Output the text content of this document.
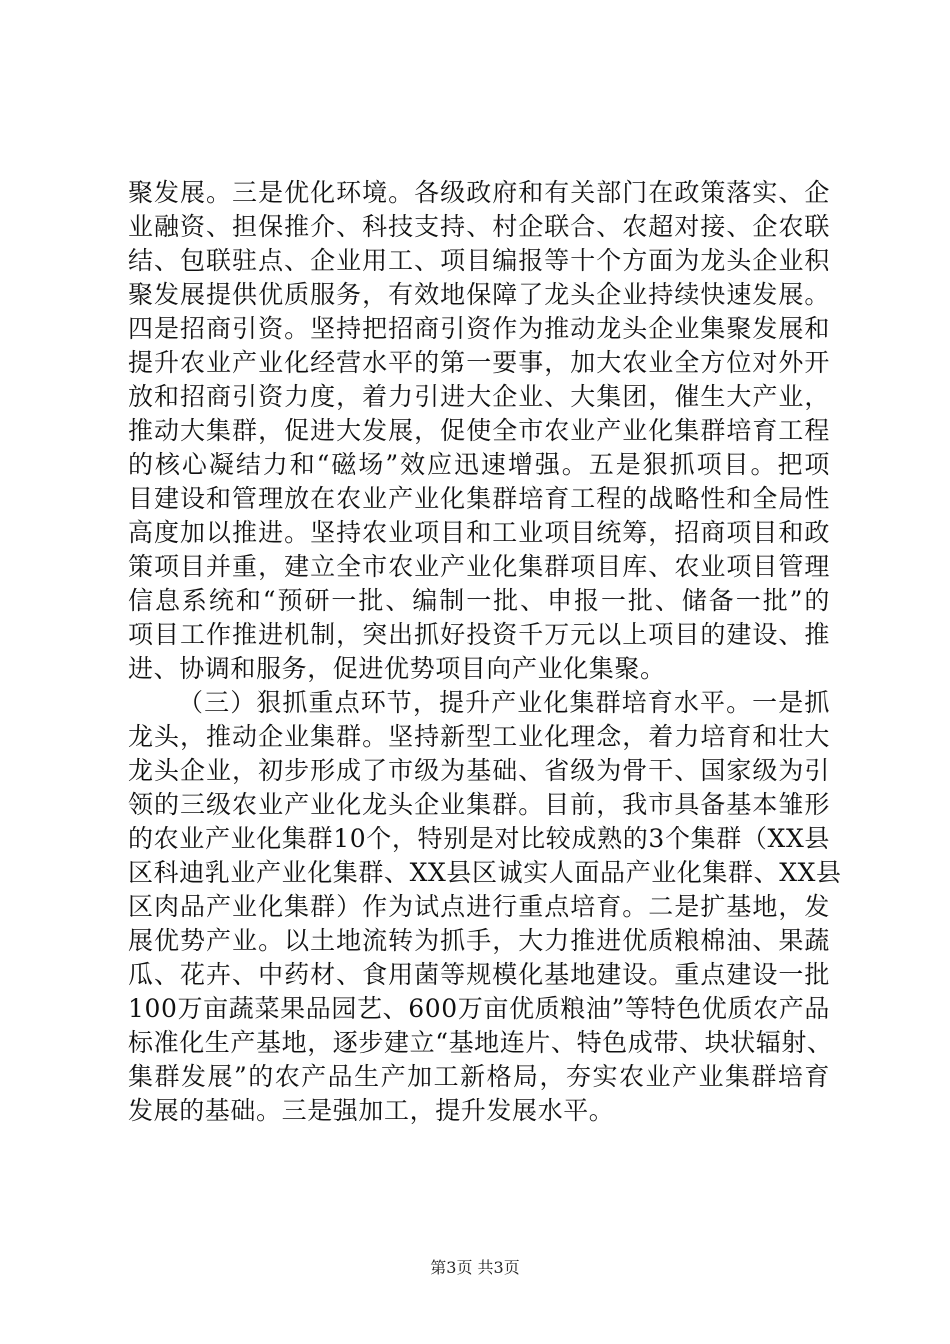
聚发展。三是优化环境。各级政府和有关部门在政策落实、企
业融资、担保推介、科技支持、村企联合、农超对接、企农联
结、包联驻点、企业用工、项目编报等十个方面为龙头企业积
聚发展提供优质服务，有效地保障了龙头企业持续快速发展。
四是招商引资。坚持把招商引资作为推动龙头企业集聚发展和
提升农业产业化经营水平的第一要事，加大农业全方位对外开
放和招商引资力度，着力引进大企业、大集团，催生大产业，
推动大集群，促进大发展，促使全市农业产业化集群培育工程
的核心凝结力和“磁场”效应迅速增强。五是狠抓项目。把项
目建设和管理放在农业产业化集群培育工程的战略性和全局性
高度加以推进。坚持农业项目和工业项目统筹，招商项目和政
策项目并重，建立全市农业产业化集群项目库、农业项目管理
信息系统和“预研一批、编制一批、申报一批、储备一批”的
项目工作推进机制，突出抓好投资千万元以上项目的建设、推
进、协调和服务，促进优势项目向产业化集聚。
（三）狠抓重点环节，提升产业化集群培育水平。一是抓
龙头，推动企业集群。坚持新型工业化理念，着力培育和壮大
龙头企业，初步形成了市级为基础、省级为骨干、国家级为引
领的三级农业产业化龙头企业集群。目前，我市具备基本雏形
的农业产业化集群10个，特别是对比较成熟的3个集群（XX县
区科迪乳业产业化集群、XX县区诚实人面品产业化集群、XX县
区肉品产业化集群）作为试点进行重点培育。二是扩基地，发
展优势产业。以土地流转为抓手，大力推进优质粮棉油、果蔬
瓜、花卉、中药材、食用菌等规模化基地建设。重点建设一批
100万亩蔬菜果品园艺、600万亩优质粮油”等特色优质农产品
标准化生产基地，逐步建立“基地连片、特色成带、块状辐射、
集群发展”的农产品生产加工新格局，夯实农业产业集群培育
发展的基础。三是强加工，提升发展水平。
第3页 共3页
